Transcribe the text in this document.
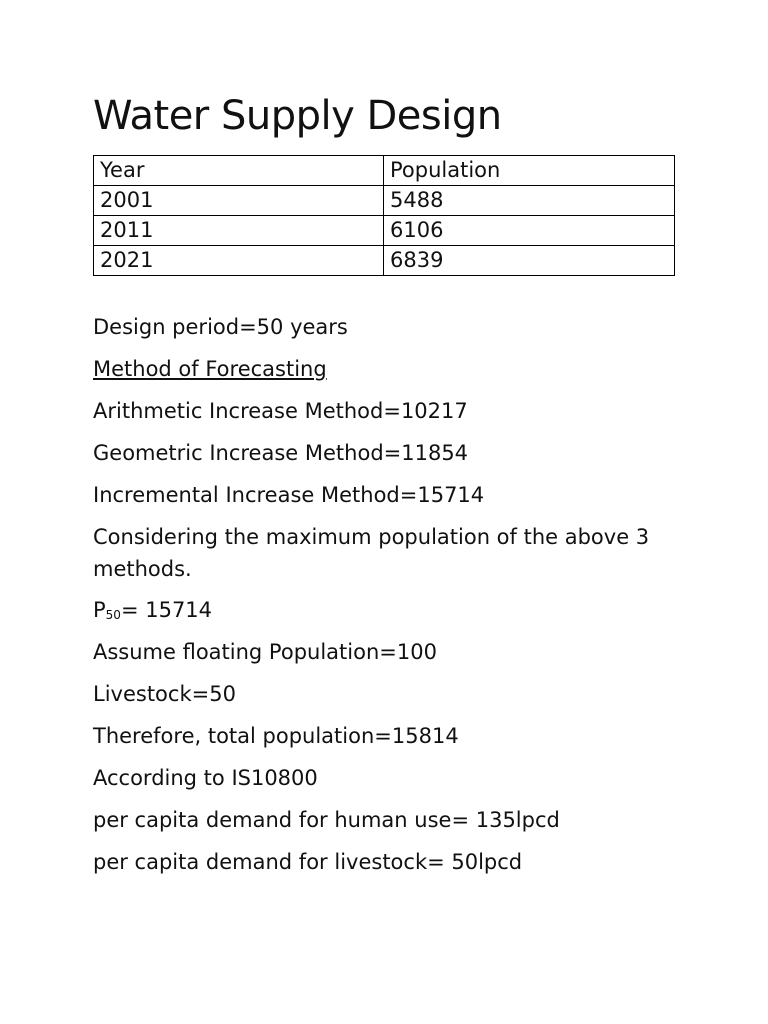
Water Supply Design
Year	Population
2001	5488
2011	6106
2021	6839

Design period=50 years

Method of Forecasting

Arithmetic Increase Method=10217

Geometric Increase Method=11854

Incremental Increase Method=15714

Considering the maximum population of the above 3 methods.

$P_{50}= 15714$

Assume floating Population=100

Livestock=50

Therefore, total population=15814

According to IS10800

per capita demand for human use= 135lpcd

per capita demand for livestock= 50lpcd
